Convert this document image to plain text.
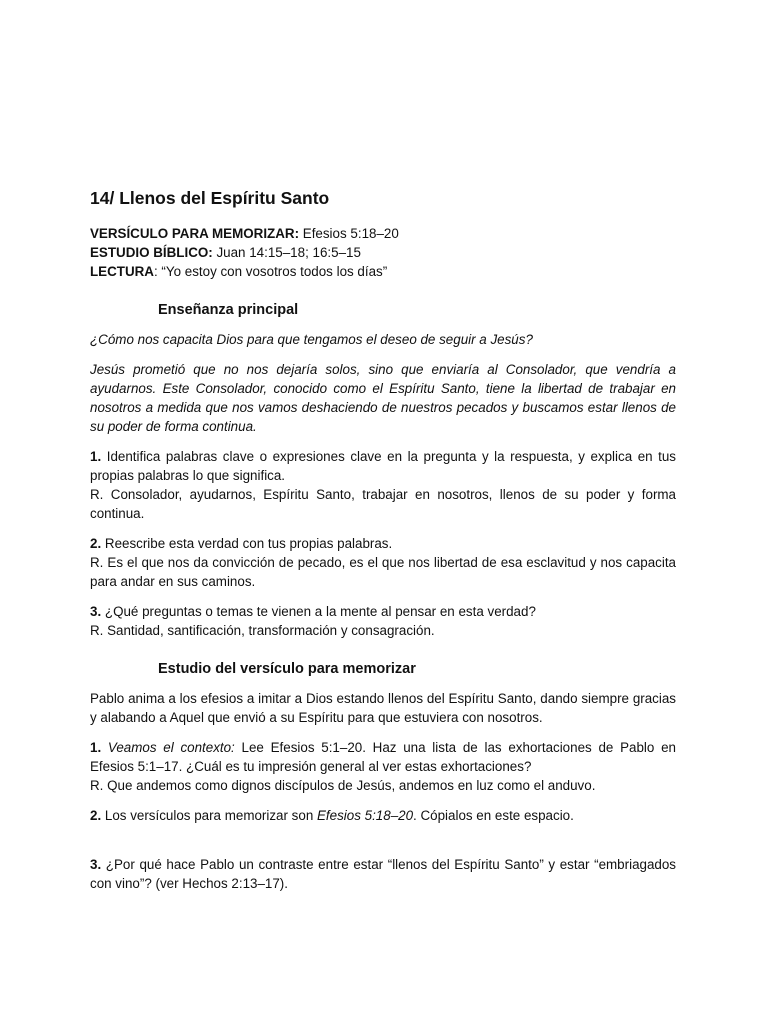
14/ Llenos del Espíritu Santo
VERSÍCULO PARA MEMORIZAR: Efesios 5:18–20
ESTUDIO BÍBLICO: Juan 14:15–18; 16:5–15
LECTURA: “Yo estoy con vosotros todos los días”
Enseñanza principal

¿Cómo nos capacita Dios para que tengamos el deseo de seguir a Jesús?

Jesús prometió que no nos dejaría solos, sino que enviaría al Consolador, que vendría a ayudarnos. Este Consolador, conocido como el Espíritu Santo, tiene la libertad de trabajar en nosotros a medida que nos vamos deshaciendo de nuestros pecados y buscamos estar llenos de su poder de forma continua.

1. Identifica palabras clave o expresiones clave en la pregunta y la respuesta, y explica en tus propias palabras lo que significa.

R. Consolador, ayudarnos, Espíritu Santo, trabajar en nosotros, llenos de su poder y forma continua.

2. Reescribe esta verdad con tus propias palabras.

R. Es el que nos da convicción de pecado, es el que nos libertad de esa esclavitud y nos capacita para andar en sus caminos.

3. ¿Qué preguntas o temas te vienen a la mente al pensar en esta verdad?

R. Santidad, santificación, transformación y consagración.

Estudio del versículo para memorizar

Pablo anima a los efesios a imitar a Dios estando llenos del Espíritu Santo, dando siempre gracias y alabando a Aquel que envió a su Espíritu para que estuviera con nosotros.

1. Veamos el contexto: Lee Efesios 5:1–20. Haz una lista de las exhortaciones de Pablo en Efesios 5:1–17. ¿Cuál es tu impresión general al ver estas exhortaciones?

R. Que andemos como dignos discípulos de Jesús, andemos en luz como el anduvo.

2. Los versículos para memorizar son Efesios 5:18–20. Cópialos en este espacio.

3. ¿Por qué hace Pablo un contraste entre estar “llenos del Espíritu Santo” y estar “embriagados con vino”? (ver Hechos 2:13–17).
